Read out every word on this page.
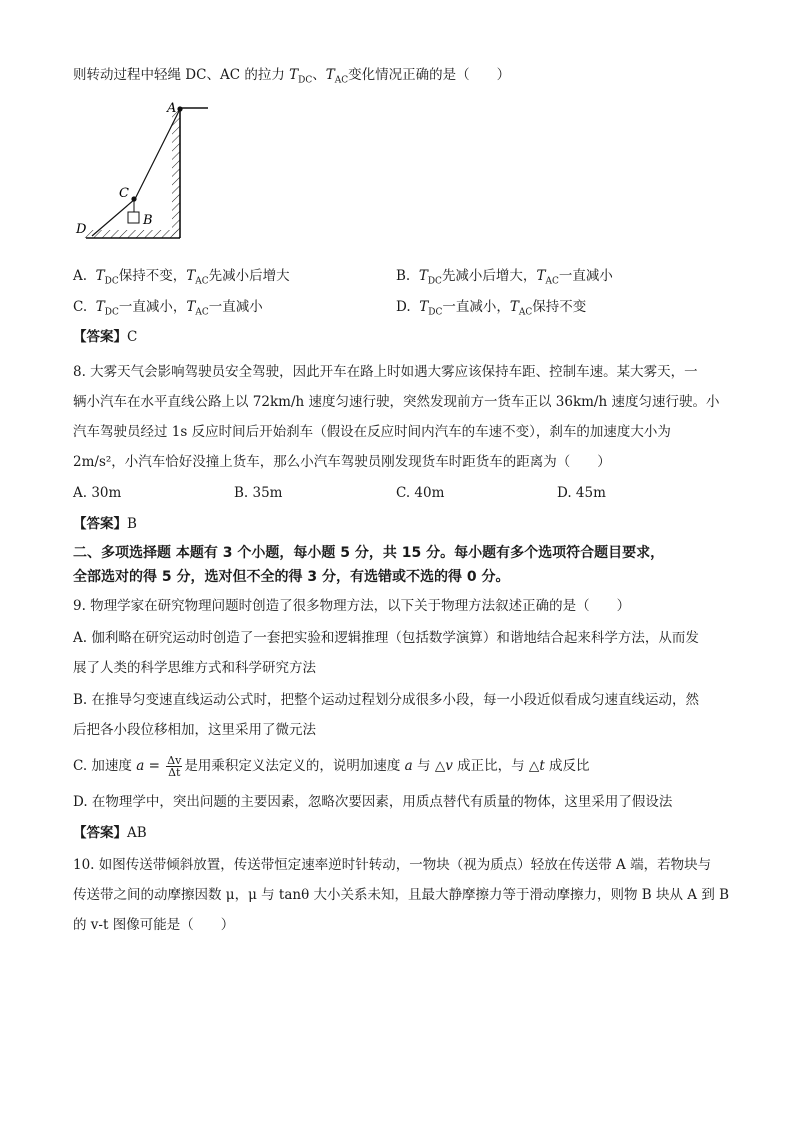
则转动过程中轻绳 DC、AC 的拉力 $T_{DC}$、$T_{AC}$变化情况正确的是（　　）
A
C
B
D
A. $T_{DC}$保持不变，$T_{AC}$先减小后增大	B. $T_{DC}$先减小后增大，$T_{AC}$一直减小
C. $T_{DC}$一直减小，$T_{AC}$一直减小	D. $T_{DC}$一直减小，$T_{AC}$保持不变
【答案】C
8. 大雾天气会影响驾驶员安全驾驶，因此开车在路上时如遇大雾应该保持车距、控制车速。某大雾天，一
辆小汽车在水平直线公路上以 72km/h 速度匀速行驶，突然发现前方一货车正以 36km/h 速度匀速行驶。小
汽车驾驶员经过 1s 反应时间后开始刹车（假设在反应时间内汽车的车速不变），刹车的加速度大小为
2m/s²，小汽车恰好没撞上货车，那么小汽车驾驶员刚发现货车时距货车的距离为（　　）
A. 30m	B. 35m	C. 40m	D. 45m
【答案】B
二、多项选择题 本题有 3 个小题，每小题 5 分，共 15 分。每小题有多个选项符合题目要求，
全部选对的得 5 分，选对但不全的得 3 分，有选错或不选的得 0 分。
9. 物理学家在研究物理问题时创造了很多物理方法，以下关于物理方法叙述正确的是（　　）
A. 伽利略在研究运动时创造了一套把实验和逻辑推理（包括数学演算）和谐地结合起来科学方法，从而发
展了人类的科学思维方式和科学研究方法
B. 在推导匀变速直线运动公式时，把整个运动过程划分成很多小段，每一小段近似看成匀速直线运动，然
后把各小段位移相加，这里采用了微元法
C. 加速度 $a = \frac{\Delta v}{\Delta t}$ 是用乘积定义法定义的，说明加速度 a 与 △v 成正比，与 △t 成反比
D. 在物理学中，突出问题的主要因素，忽略次要因素，用质点替代有质量的物体，这里采用了假设法
【答案】AB
10. 如图传送带倾斜放置，传送带恒定速率逆时针转动，一物块（视为质点）轻放在传送带 A 端，若物块与
传送带之间的动摩擦因数 μ，μ 与 tanθ 大小关系未知，且最大静摩擦力等于滑动摩擦力，则物 B 块从 A 到 B
的 v-t 图像可能是（　　）
